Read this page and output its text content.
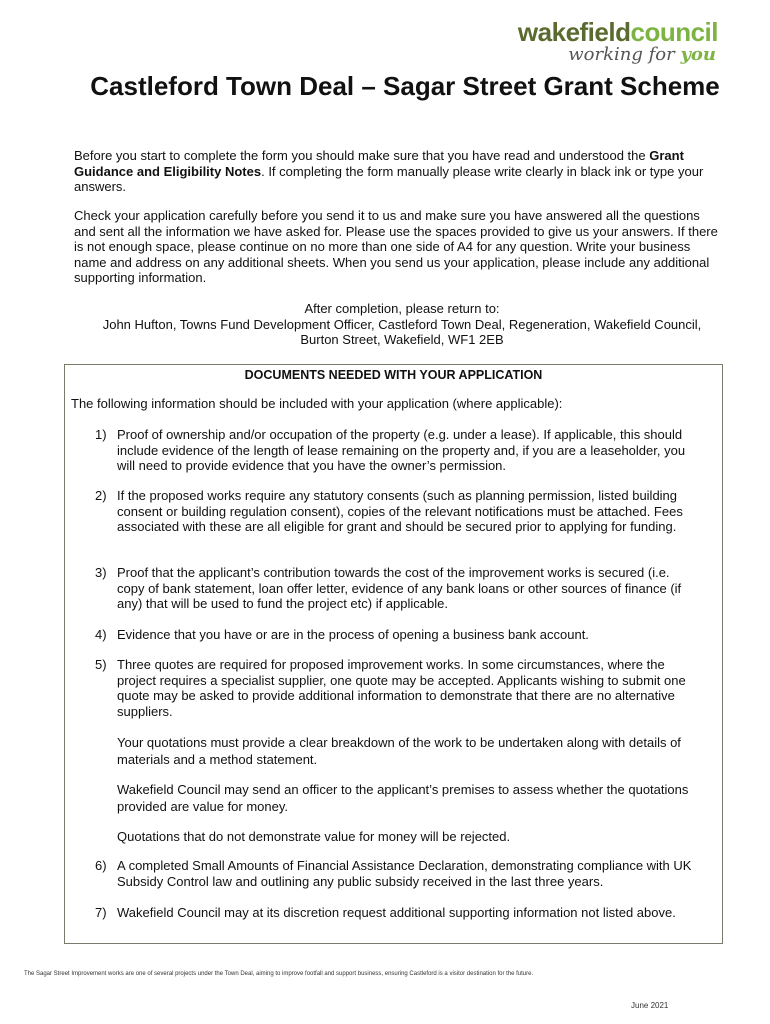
wakefieldcouncil
working for you
Castleford Town Deal – Sagar Street Grant Scheme
Before you start to complete the form you should make sure that you have read and understood the Grant Guidance and Eligibility Notes. If completing the form manually please write clearly in black ink or type your answers.
Check your application carefully before you send it to us and make sure you have answered all the questions and sent all the information we have asked for. Please use the spaces provided to give us your answers. If there is not enough space, please continue on no more than one side of A4 for any question. Write your business name and address on any additional sheets. When you send us your application, please include any additional supporting information.
After completion, please return to:
John Hufton, Towns Fund Development Officer, Castleford Town Deal, Regeneration, Wakefield Council, Burton Street, Wakefield, WF1 2EB
DOCUMENTS NEEDED WITH YOUR APPLICATION
The following information should be included with your application (where applicable):
1) Proof of ownership and/or occupation of the property (e.g. under a lease). If applicable, this should include evidence of the length of lease remaining on the property and, if you are a leaseholder, you will need to provide evidence that you have the owner’s permission.
2) If the proposed works require any statutory consents (such as planning permission, listed building consent or building regulation consent), copies of the relevant notifications must be attached. Fees associated with these are all eligible for grant and should be secured prior to applying for funding.
3) Proof that the applicant’s contribution towards the cost of the improvement works is secured (i.e. copy of bank statement, loan offer letter, evidence of any bank loans or other sources of finance (if any) that will be used to fund the project etc) if applicable.
4) Evidence that you have or are in the process of opening a business bank account.
5) Three quotes are required for proposed improvement works. In some circumstances, where the project requires a specialist supplier, one quote may be accepted. Applicants wishing to submit one quote may be asked to provide additional information to demonstrate that there are no alternative suppliers.
Your quotations must provide a clear breakdown of the work to be undertaken along with details of materials and a method statement.
Wakefield Council may send an officer to the applicant’s premises to assess whether the quotations provided are value for money.
Quotations that do not demonstrate value for money will be rejected.
6) A completed Small Amounts of Financial Assistance Declaration, demonstrating compliance with UK Subsidy Control law and outlining any public subsidy received in the last three years.
7) Wakefield Council may at its discretion request additional supporting information not listed above.
The Sagar Street Improvement works are one of several projects under the Town Deal, aiming to improve footfall and support business, ensuring Castleford is a visitor destination for the future.
June 2021
